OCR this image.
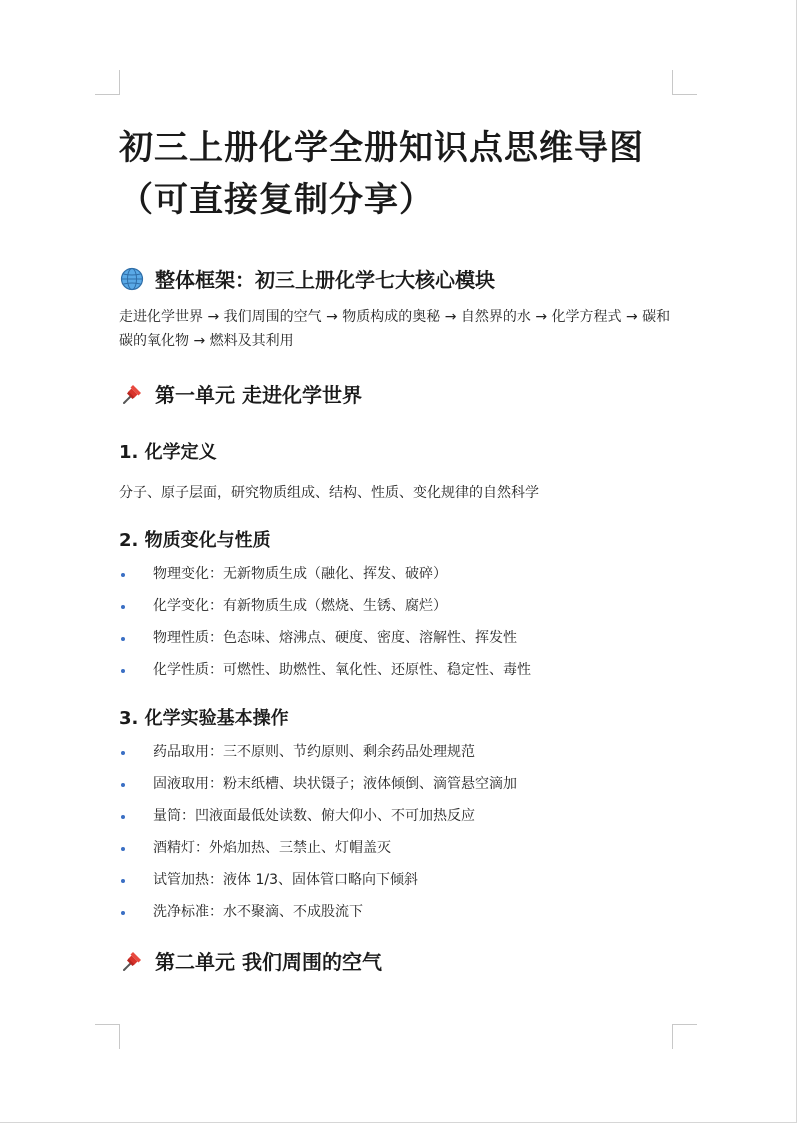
初三上册化学全册知识点思维导图（可直接复制分享）
整体框架：初三上册化学七大核心模块
走进化学世界 → 我们周围的空气 → 物质构成的奥秘 → 自然界的水 → 化学方程式 → 碳和碳的氧化物 → 燃料及其利用
第一单元 走进化学世界
1. 化学定义
分子、原子层面，研究物质组成、结构、性质、变化规律的自然科学
2. 物质变化与性质
物理变化：无新物质生成（融化、挥发、破碎）
化学变化：有新物质生成（燃烧、生锈、腐烂）
物理性质：色态味、熔沸点、硬度、密度、溶解性、挥发性
化学性质：可燃性、助燃性、氧化性、还原性、稳定性、毒性
3. 化学实验基本操作
药品取用：三不原则、节约原则、剩余药品处理规范
固液取用：粉末纸槽、块状镊子；液体倾倒、滴管悬空滴加
量筒：凹液面最低处读数、俯大仰小、不可加热反应
酒精灯：外焰加热、三禁止、灯帽盖灭
试管加热：液体 1/3、固体管口略向下倾斜
洗净标准：水不聚滴、不成股流下
第二单元 我们周围的空气
